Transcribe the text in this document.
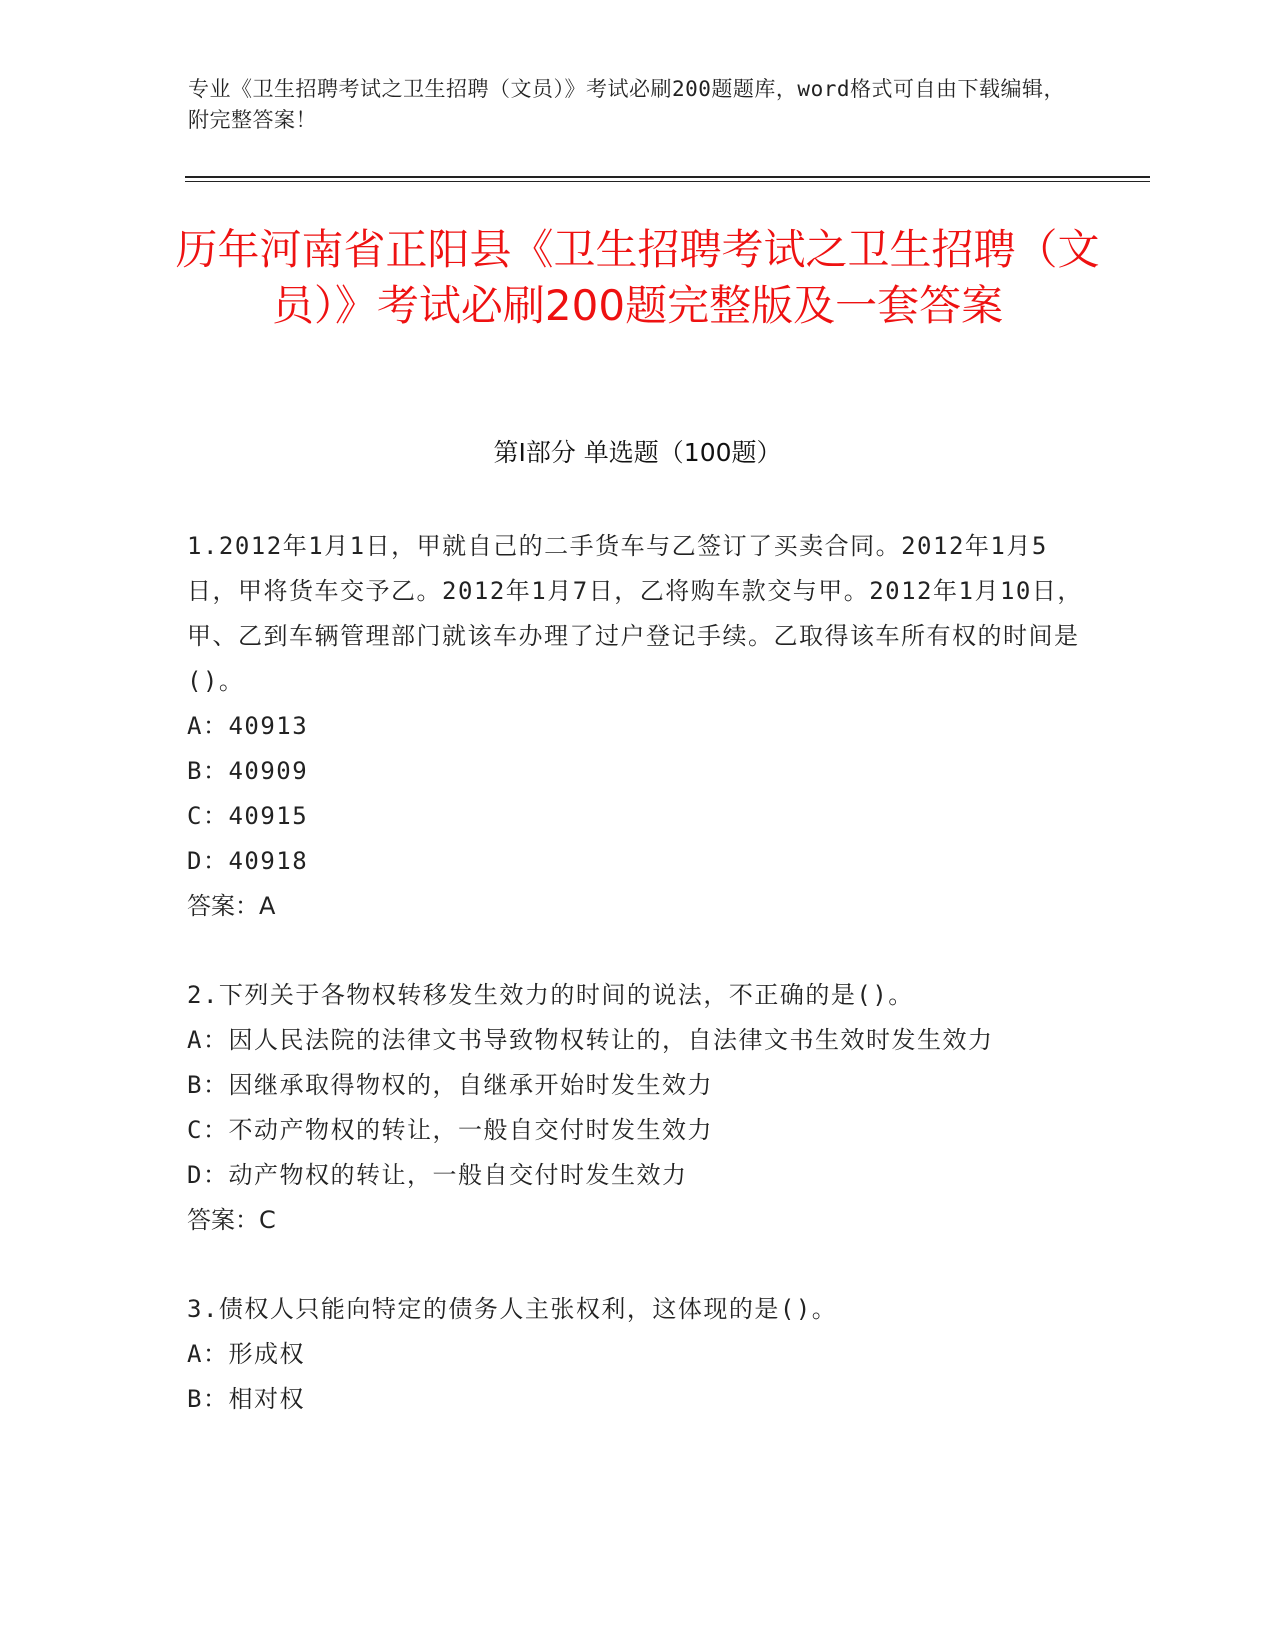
专业《卫生招聘考试之卫生招聘（文员）》考试必刷200题题库，word格式可自由下载编辑，附完整答案！
历年河南省正阳县《卫生招聘考试之卫生招聘（文员）》考试必刷200题完整版及一套答案
第I部分 单选题（100题）

1.2012年1月1日，甲就自己的二手货车与乙签订了买卖合同。2012年1月5日，甲将货车交予乙。2012年1月7日，乙将购车款交与甲。2012年1月10日，甲、乙到车辆管理部门就该车办理了过户登记手续。乙取得该车所有权的时间是()。

A：40913

B：40909

C：40915

D：40918

答案：A

2.下列关于各物权转移发生效力的时间的说法，不正确的是()。

A：因人民法院的法律文书导致物权转让的，自法律文书生效时发生效力

B：因继承取得物权的，自继承开始时发生效力

C：不动产物权的转让，一般自交付时发生效力

D：动产物权的转让，一般自交付时发生效力

答案：C

3.债权人只能向特定的债务人主张权利，这体现的是()。

A：形成权

B：相对权
